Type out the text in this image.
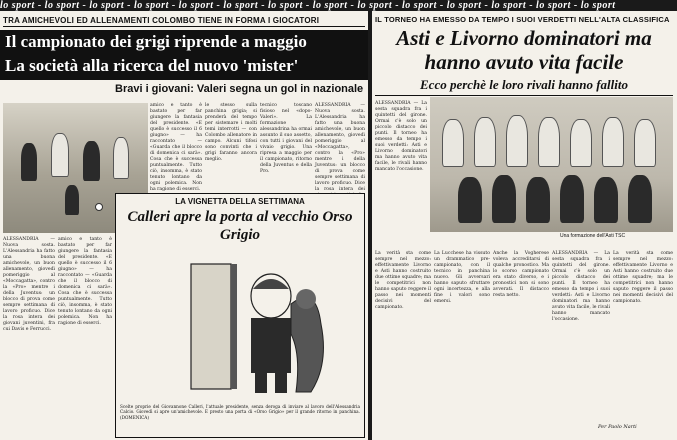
lo sport - lo sport - lo sport - lo sport - lo sport - lo sport - lo sport - lo sport - lo sport - lo sport - lo sport - lo sport - lo sport - lo sport
TRA AMICHEVOLI ED ALLENAMENTI COLOMBO TIENE IN FORMA I GIOCATORI
Il campionato dei grigi riprende a maggio
La società alla ricerca del nuovo 'mister'
Bravi i giovani: Valeri segna un gol in nazionale
ALESSANDRIA — Nuova sosta. L'Alessandria ha fatto una buona amichevole, un buon allenamento, giovedì pomeriggio al «Moccagatta», contro la «Pro» mentre i della Juventus: un blocco di prova come sempre settimana di lavoro proficuo. Dice la rosa intera dei giovani juventini, fra cui Davis e Ferrucci.
amico e tanto è bastato per far giungere la fantasia del presidente. «E quello è successo il 6 giugno» — ha raccontato — «Guarda che il blocco di domenica ci sarà». Cosa che è successa puntualmente. Tutto ciò, insomma, è stato tenuto lontano da ogni polemica. Non ha ragione di esserci.
amico e tanto è bastato per far giungere la fantasia del presidente. «E quello è successo il 6 giugno» — ha raccontato — «Guarda che il blocco di domenica ci sarà». Cosa che è successa puntualmente. Tutto ciò, insomma, è stato tenuto lontano da ogni polemica. Non ha ragione di esserci.
le stesso sulla panchina grigia; si prenderà del tempo per sistemare i molti temi interrotti — con Colombo allenatore in campo. Alcuni tifosi sono convinti che i grigi faranno ancora meglio.
tecnico toscano fisioso nel «dopo-Valeri». La formazione alessandrina ha ormai assunto il suo assetto, con tutti i giovani del vivaio grigio. Una ripresa a maggio per il campionato, ritorno della Juventus e della Pro.
ALESSANDRIA — Nuova sosta. L'Alessandria ha fatto una buona amichevole, un buon allenamento, giovedì pomeriggio al «Moccagatta», contro la «Pro» mentre i della Juventus: un blocco di prova come sempre settimana di lavoro proficuo. Dice la rosa intera dei
LA VIGNETTA DELLA SETTIMANA
Calleri apre la porta al vecchio Orso Grigio
Scelte proprie del Giovannone Calleri, l'attuale presidente, senza deroga di inviare al lavoro dell'Alessandria Calcio. Giovedì si apre un'amichevole. E presto una porta di «Orso Grigio» per il grande ritorno in panchina. (DOMENICA)
IL TORNEO HA EMESSO DA TEMPO I SUOI VERDETTI NELL'ALTA CLASSIFICA
Asti e Livorno dominatori ma hanno avuto vita facile
Ecco perchè le loro rivali hanno fallito
ALESSANDRIA — La sesta squadra fra i quintetti del girone. Ormai c'è solo un piccolo distacco dei punti. Il torneo ha emesso da tempo i suoi verdetti: Asti e Livorno dominatori ma hanno avuto vita facile, le rivali hanno mancato l'occasione.
La verità sta come sempre nel mezzo: effettivamente Livorno e Asti hanno costruito due ottime squadre; ma le competitrici non hanno saputo reggere il passo nei momenti decisivi del campionato.
La Lucchese ha vissuto un drammatico pre-campionato, con il tecnico in panchina nuovo. Gli avversari hanno saputo sfruttare ogni incertezza, e alla fine i valori sono emersi.
Anche la Vogherese voleva accreditarsi di qualche pronostico. Ma lo scorso campionato era stato diverso, e i pronostici non si sono avverati. Il distacco resta netto.
ALESSANDRIA — La sesta squadra fra i quintetti del girone. Ormai c'è solo un piccolo distacco dei punti. Il torneo ha emesso da tempo i suoi verdetti: Asti e Livorno dominatori ma hanno avuto vita facile, le rivali hanno mancato l'occasione.
La verità sta come sempre nel mezzo: effettivamente Livorno e Asti hanno costruito due ottime squadre; ma le competitrici non hanno saputo reggere il passo nei momenti decisivi del campionato.
Una formazione dell'Asti TSC
Per Paolo Narti
